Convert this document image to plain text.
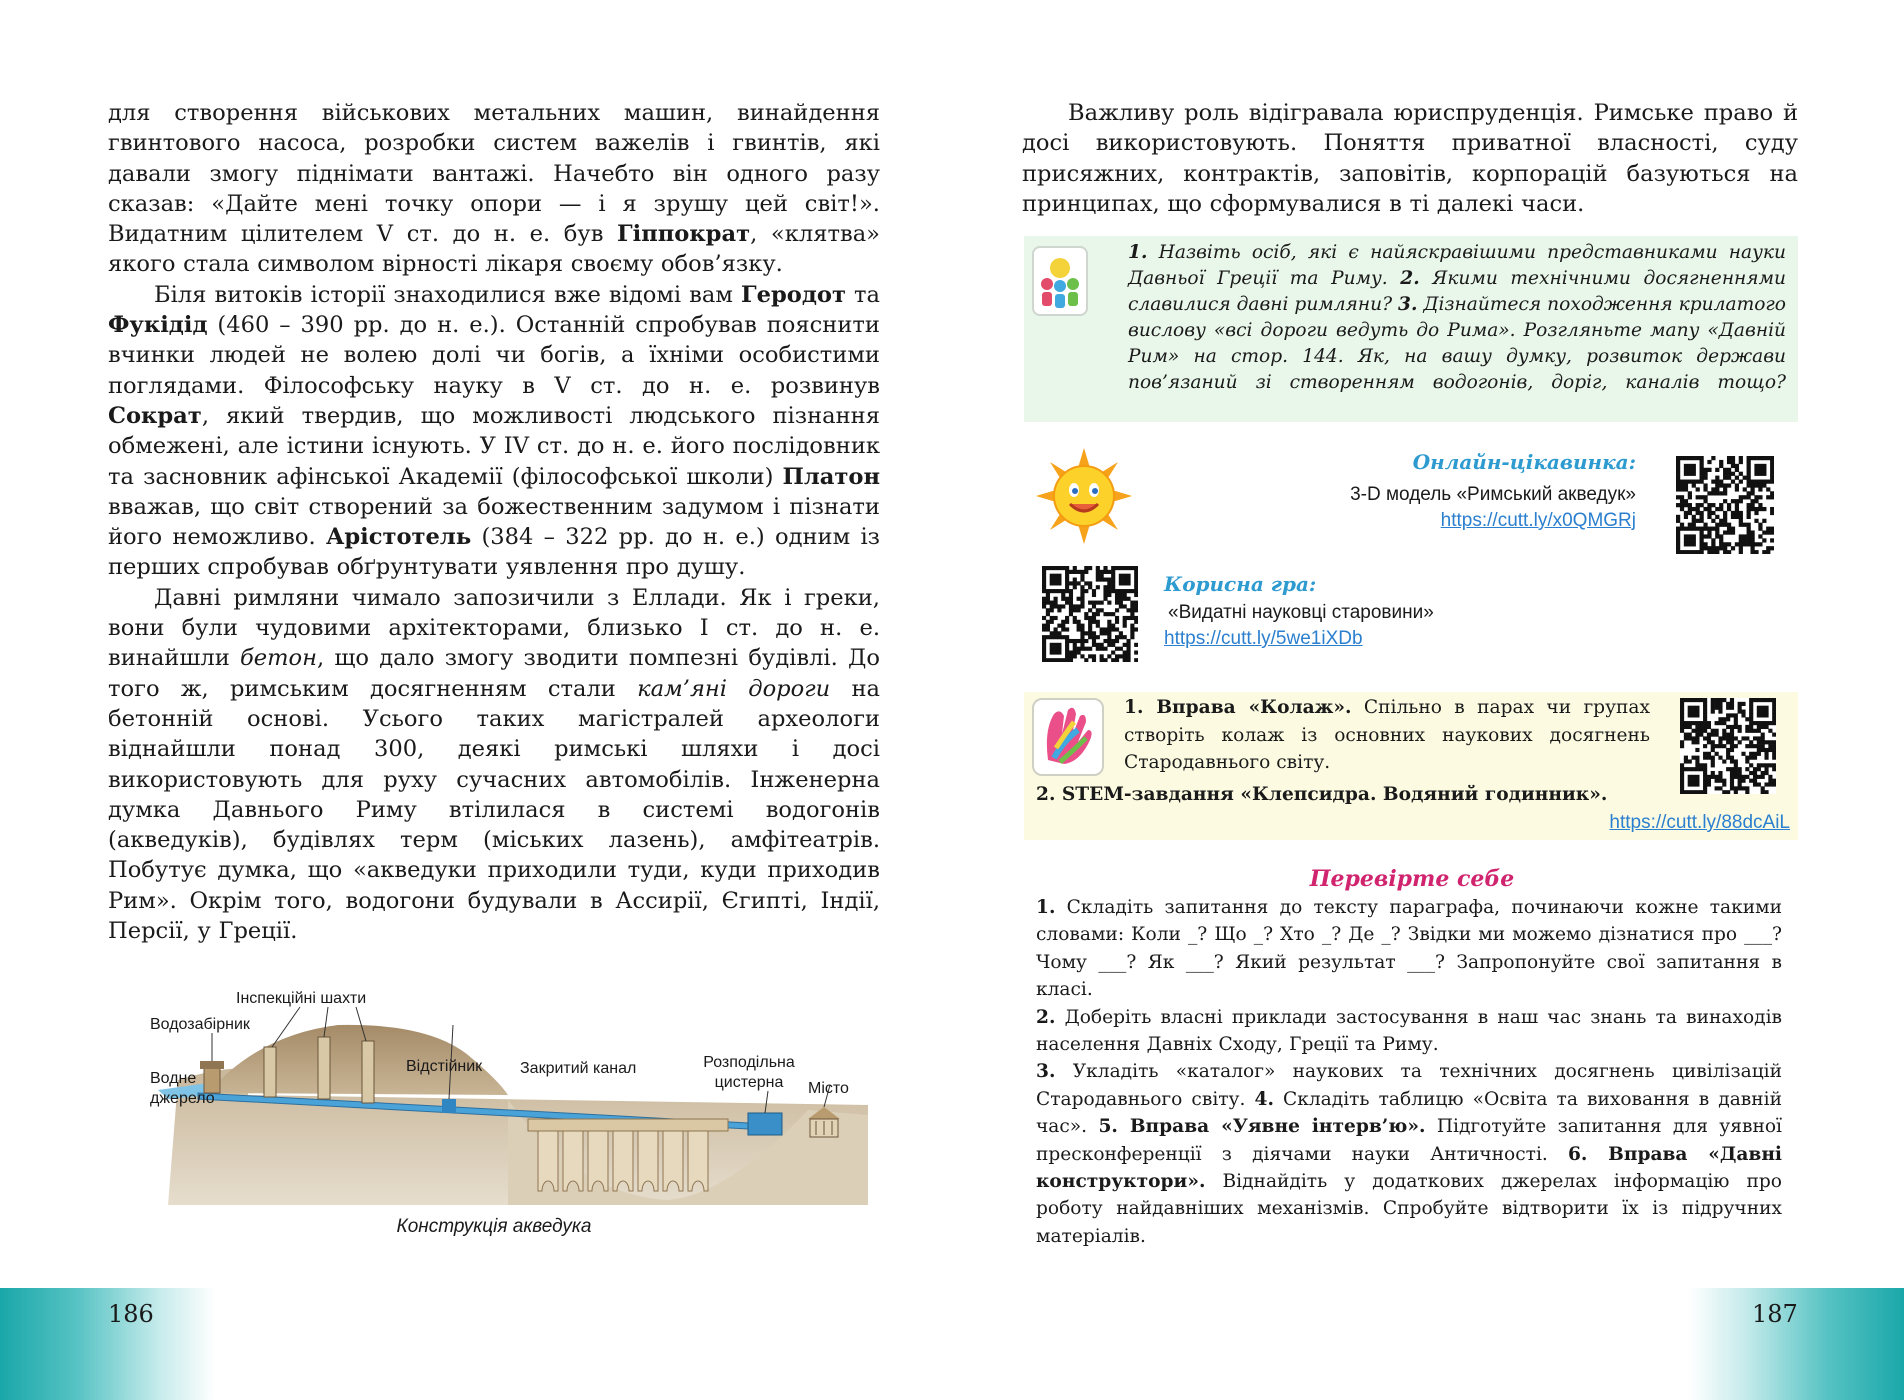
для створення військових метальних машин, винайдення гвинтового насоса, розробки систем важелів і гвинтів, які давали змогу піднімати вантажі. Начебто він одного разу сказав: «Дайте мені точку опори — і я зрушу цей світ!». Видатним цілителем V ст. до н. е. був Гіппократ, «клятва» якого стала символом вірності лікаря своєму обов’язку.

Біля витоків історії знаходилися вже відомі вам Геродот та Фукідід (460 – 390 рр. до н. е.). Останній спробував пояснити вчинки людей не волею долі чи богів, а їхніми особистими поглядами. Філософську науку в V ст. до н. е. розвинув Сократ, який твердив, що можливості людського пізнання обмежені, але істини існують. У IV ст. до н. е. його послідовник та засновник афінської Академії (філософської школи) Платон вважав, що світ створений за божественним задумом і пізнати його неможливо. Арістотель (384 – 322 рр. до н. е.) одним із перших спробував обґрунтувати уявлення про душу.

Давні римляни чимало запозичили з Еллади. Як і греки, вони були чудовими архітекторами, близько І ст. до н. е. винайшли бетон, що дало змогу зводити помпезні будівлі. До того ж, римським досягненням стали кам’яні дороги на бетонній основі. Усього таких магістралей археологи віднайшли понад 300, деякі римські шляхи і досі використовують для руху сучасних автомобілів. Інженерна думка Давнього Риму втілилася в системі водогонів (акведуків), будівлях терм (міських лазень), амфітеатрів. Побутує думка, що «акведуки приходили туди, куди приходив Рим». Окрім того, водогони будували в Ассирії, Єгипті, Індії, Персії, у Греції.

Водне джерело
Водозабірник
Інспекційні шахти
Відстійник Закритий канал	Розподільна цистерна	Місто
Конструкція акведука
186	187

Важливу роль відігравала юриспруденція. Римське право й досі використовують. Поняття приватної власності, суду присяжних, контрактів, заповітів, корпорацій базуються на принципах, що сформувалися в ті далекі часи.

1. Назвіть осіб, які є найяскравішими представниками науки Давньої Греції та Риму. 2. Якими технічними досягненнями славилися давні римляни? 3. Дізнайтеся походження крилатого вислову «всі дороги ведуть до Рима». Розгляньте мапу «Давній Рим» на стор. 144. Як, на вашу думку, розвиток держави пов’язаний зі створенням водогонів, доріг, каналів тощо?

Онлайн-цікавинка:
3-D модель «Римський акведук»
https://cutt.ly/x0QMGRj
Корисна гра:
«Видатні науковці старовини»
https://cutt.ly/5we1iXDb

1. Вправа «Колаж». Спільно в парах чи групах створіть колаж із основних наукових досягнень Стародавнього світу.

2. STEM-завдання «Клепсидра. Водяний годинник».
https://cutt.ly/88dcAiL
Перевірте себе

1. Складіть запитання до тексту параграфа, починаючи кожне такими словами: Коли _? Що _? Хто _? Де _? Звідки ми можемо дізнатися про ___? Чому ___? Як ___? Який результат ___? Запропонуйте свої запитання в класі.

2. Доберіть власні приклади застосування в наш час знань та винаходів населення Давніх Сходу, Греції та Риму.

3. Укладіть «каталог» наукових та технічних досягнень цивілізацій Стародавнього світу. 4. Складіть таблицю «Освіта та виховання в давній час». 5. Вправа «Уявне інтерв’ю». Підготуйте запитання для уявної пресконференції з діячами науки Античності. 6. Вправа «Давні конструктори». Віднайдіть у додаткових джерелах інформацію про роботу найдавніших механізмів. Спробуйте відтворити їх із підручних матеріалів.
